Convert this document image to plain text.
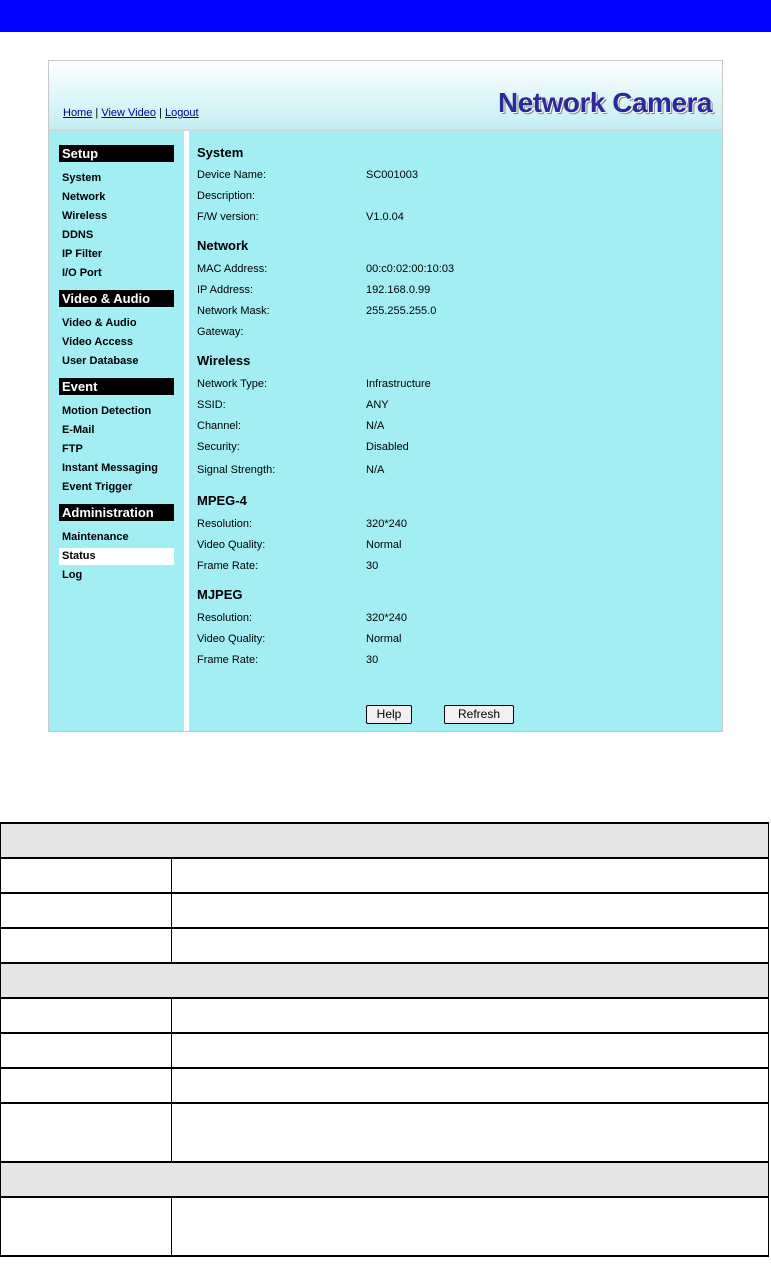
Home | View Video | Logout	Network Camera
Setup
System
Network
Wireless
DDNS
IP Filter
I/O Port
Video & Audio
Video & Audio
Video Access
User Database
Event
Motion Detection
E-Mail
FTP
Instant Messaging
Event Trigger
Administration
Maintenance
Status
Log
System
Device Name:	SC001003
Description:
F/W version:	V1.0.04
Network
MAC Address:	00:c0:02:00:10:03
IP Address:	192.168.0.99
Network Mask:	255.255.255.0
Gateway:
Wireless
Network Type:	Infrastructure
SSID:	ANY
Channel:	N/A
Security:	Disabled
Signal Strength:	N/A
MPEG-4
Resolution:	320*240
Video Quality:	Normal
Frame Rate:	30
MJPEG
Resolution:	320*240
Video Quality:	Normal
Frame Rate:	30
Help	Refresh
